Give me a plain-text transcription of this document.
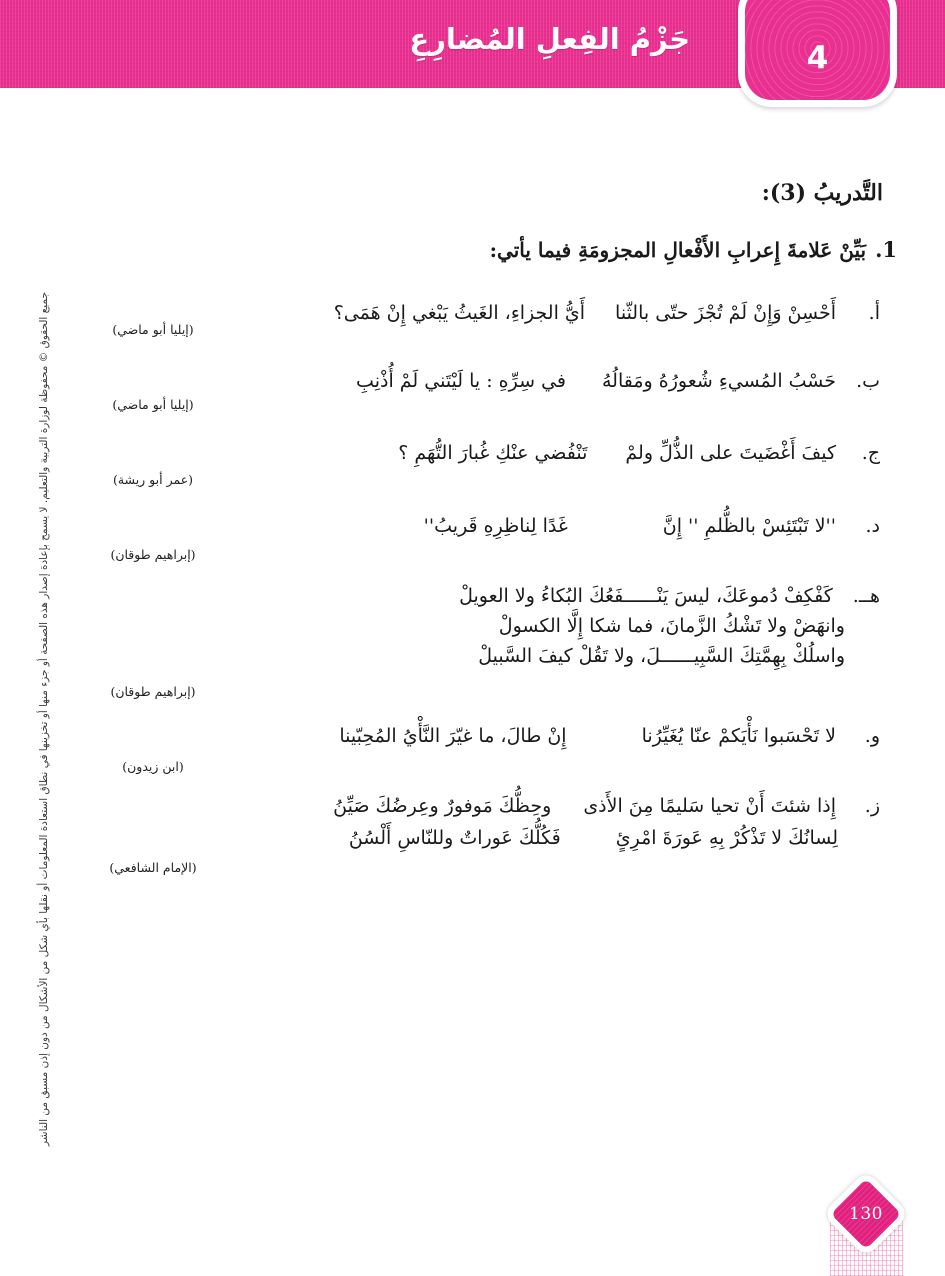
جَزْمُ الفِعلِ المُضارِعِ
4
التَّدريبُ (3):
1.
بَيِّنْ عَلامةَ إِعرابِ الأَفْعالِ المجزومَةِ فيما يأتي:
أ.
أَحْسِنْ وَإِنْ لَمْ تُجْزَ حتّى بالثّنا
أَيُّ الجزاءِ، الغَيثُ يَبْغي إِنْ هَمَى؟
(إيليا أبو ماضي)
ب.
حَسْبُ المُسيءِ شُعورُهُ ومَقالُهُ
في سِرِّهِ : يا لَيْتَني لَمْ أُذْنِبِ
(إيليا أبو ماضي)
ج.
كيفَ أَغْضَيتَ على الذُّلِّ ولمْ
تَنْفُضي عنْكِ غُبارَ التُّهَمِ ؟
(عمر أبو ريشة)
د.
''لا تَبْتَئِسْ بالظُّلمِ '' إِنَّ
غَدًا لِناظِرِهِ قَريبُ''
(إبراهيم طوقان)
هــ.
كَفْكِفْ دُموعَكَ، ليسَ يَنْــــــفَعُكَ البُكاءُ ولا العويلْ
وانهَضْ ولا تَشْكُ الزَّمانَ، فما شكا إِلَّا الكسولْ
واسلُكْ بِهِمَّتِكَ السَّبِيــــــلَ، ولا تَقُلْ كيفَ السَّبيلْ
(إبراهيم طوقان)
و.
لا تَحْسَبوا نَأْيَكمْ عنّا يُغَيِّرُنا
إِنْ طالَ، ما غيّرَ النَّأْيُ المُحِبّينا
(ابن زيدون)
ز.
إِذا شئتَ أَنْ تحيا سَليمًا مِنَ الأَذى
وحِظُّكَ مَوفورٌ وعِرضُكَ صَيِّنُ
لِسانُكَ لا تَذْكُرْ بِهِ عَورَةَ امْرِئٍ
فَكُلُّكَ عَوراتٌ وللنّاسِ أَلْسُنُ
(الإمام الشافعي)
جميع الحقوق © محفوظة لوزارة التربية والتعليم. لا يسمح بإعادة إصدار هذه الصفحة أو جزء منها أو تخزينها في نطاق استعادة المعلومات أو نقلها بأي شكل من الأشكال من دون إذن مسبق من الناشر
130
